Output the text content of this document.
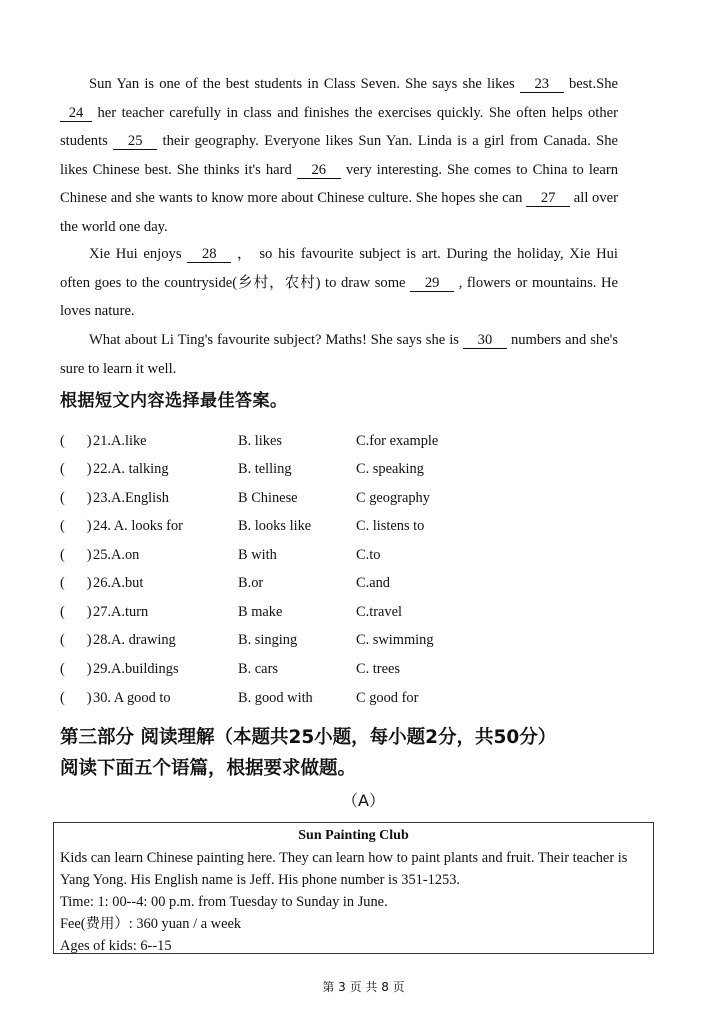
Sun Yan is one of the best students in Class Seven. She says she likes 23 best.She 24 her teacher carefully in class and finishes the exercises quickly. She often helps other students 25 their geography. Everyone likes Sun Yan. Linda is a girl from Canada. She likes Chinese best. She thinks it's hard 26 very interesting. She comes to China to learn Chinese and she wants to know more about Chinese culture. She hopes she can 27 all over the world one day.
Xie Hui enjoys 28 ， so his favourite subject is art. During the holiday, Xie Hui often goes to the countryside(乡村，农村) to draw some 29 , flowers or mountains. He loves nature.
What about Li Ting's favourite subject? Maths! She says she is 30 numbers and she's sure to learn it well.
根据短文内容选择最佳答案。
( ) 21.A.like	B. likes	C.for example
( ) 22.A. talking	B. telling	C. speaking
( ) 23.A.English	B Chinese	C geography
( ) 24. A. looks for	B. looks like	C. listens to
( ) 25.A.on	B with	C.to
( ) 26.A.but	B.or	C.and
( ) 27.A.turn	B make	C.travel
( ) 28.A. drawing	B. singing	C. swimming
( ) 29.A.buildings	B. cars	C. trees
( ) 30. A good to	B. good with	C good for
第三部分 阅读理解（本题共25小题，每小题2分，共50分）
阅读下面五个语篇，根据要求做题。
（A）
Sun Painting Club
Kids can learn Chinese painting here. They can learn how to paint plants and fruit. Their teacher is
Yang Yong. His English name is Jeff. His phone number is 351-1253.
Time: 1: 00--4: 00 p.m. from Tuesday to Sunday in June.
Fee(费用）: 360 yuan / a week
Ages of kids: 6--15
第 3 页 共 8 页
